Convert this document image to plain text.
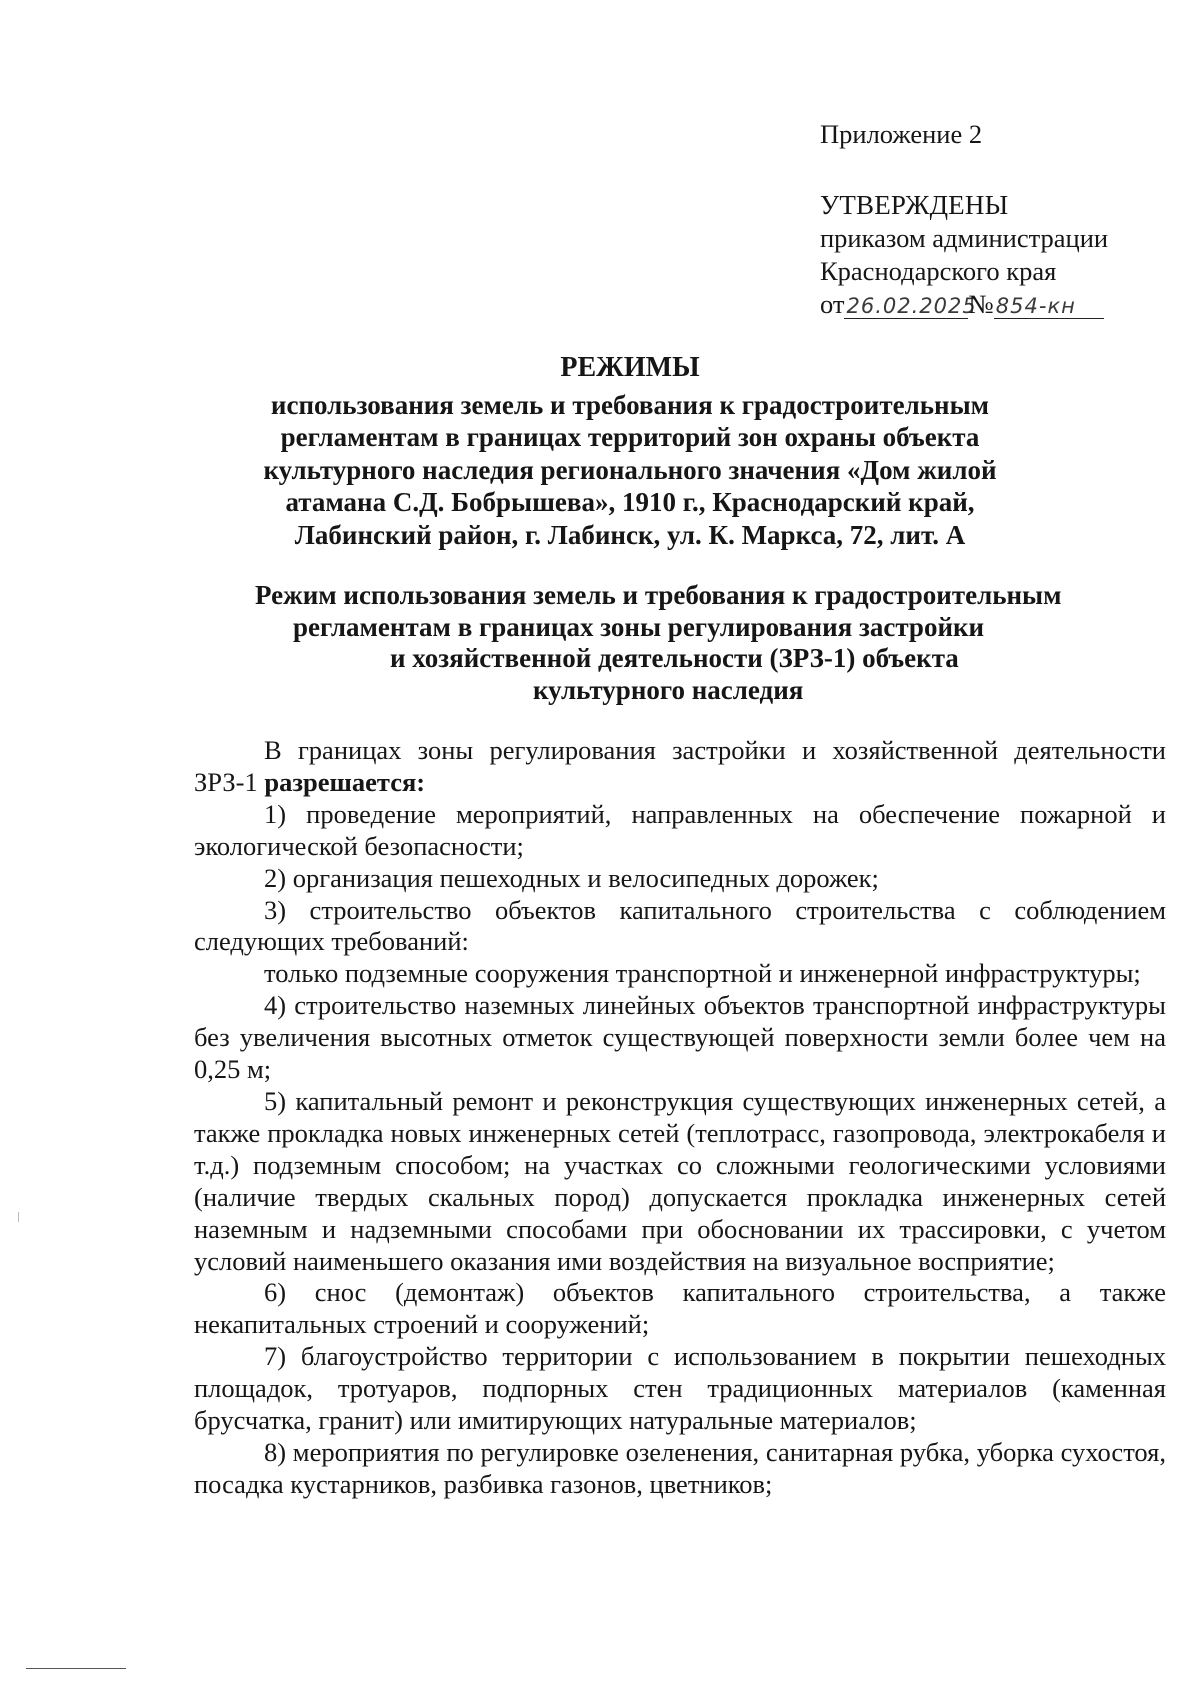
Приложение 2
УТВЕРЖДЕНЫ
приказом администрации
Краснодарского края
от26.02.2025№854-кн
РЕЖИМЫ
использования земель и требования к градостроительным
регламентам в границах территорий зон охраны объекта
культурного наследия регионального значения «Дом жилой
атамана С.Д. Бобрышева», 1910 г., Краснодарский край,
Лабинский район, г. Лабинск, ул. К. Маркса, 72, лит. А
Режим использования земель и требования к градостроительным
регламентам в границах зоны регулирования застройки
и хозяйственной деятельности (ЗРЗ-1) объекта
культурного наследия

В границах зоны регулирования застройки и хозяйственной деятельности ЗРЗ-1 разрешается:

1) проведение мероприятий, направленных на обеспечение пожарной и экологической безопасности;

2) организация пешеходных и велосипедных дорожек;

3) строительство объектов капитального строительства с соблюдением следующих требований:

только подземные сооружения транспортной и инженерной инфраструктуры;

4) строительство наземных линейных объектов транспортной инфраструктуры без увеличения высотных отметок существующей поверхности земли более чем на 0,25 м;

5) капитальный ремонт и реконструкция существующих инженерных сетей, а также прокладка новых инженерных сетей (теплотрасс, газопровода, электрокабеля и т.д.) подземным способом; на участках со сложными геологическими условиями (наличие твердых скальных пород) допускается прокладка инженерных сетей наземным и надземными способами при обосновании их трассировки, с учетом условий наименьшего оказания ими воздействия на визуальное восприятие;

6) снос (демонтаж) объектов капитального строительства, а также некапитальных строений и сооружений;

7) благоустройство территории с использованием в покрытии пешеходных площадок, тротуаров, подпорных стен традиционных материалов (каменная брусчатка, гранит) или имитирующих натуральные материалов;

8) мероприятия по регулировке озеленения, санитарная рубка, уборка сухостоя, посадка кустарников, разбивка газонов, цветников;
